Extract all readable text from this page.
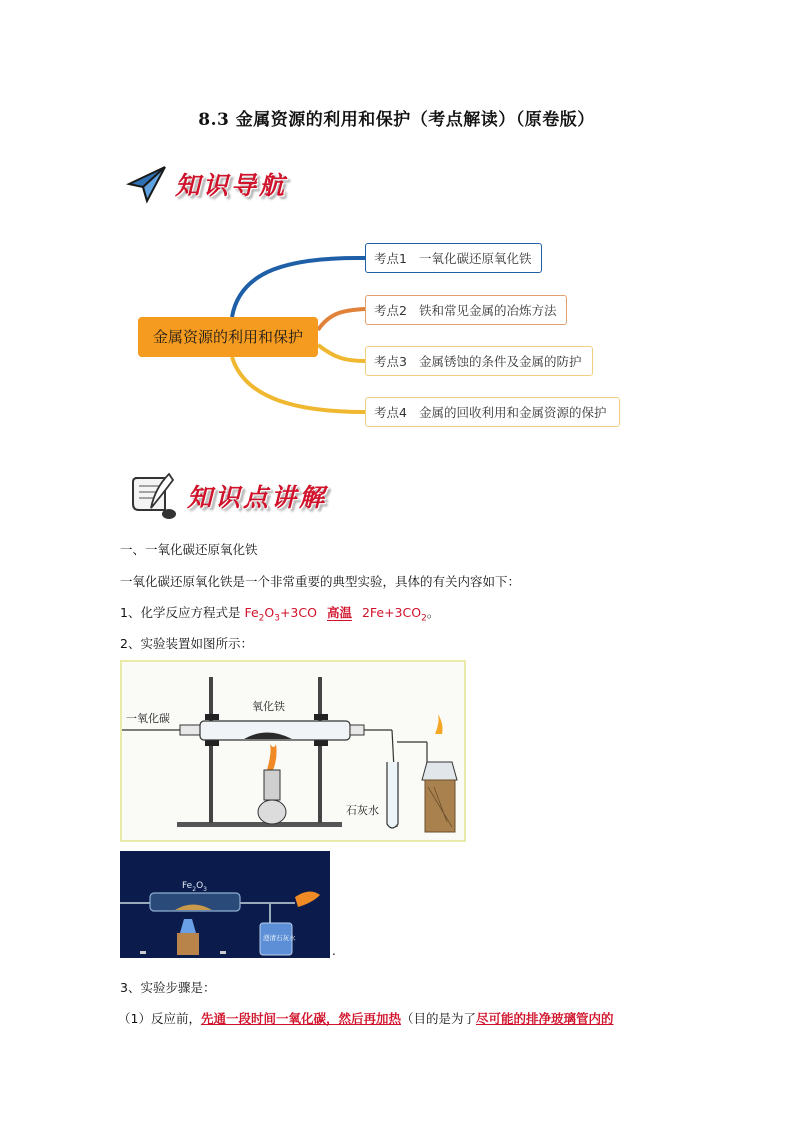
8.3 金属资源的利用和保护（考点解读）（原卷版）
知识导航
金属资源的利用和保护
考点1 一氧化碳还原氧化铁
考点2 铁和常见金属的冶炼方法
考点3 金属锈蚀的条件及金属的防护
考点4 金属的回收利用和金属资源的保护
知识点讲解
一、一氧化碳还原氧化铁
一氧化碳还原氧化铁是一个非常重要的典型实验，具体的有关内容如下：
1、化学反应方程式是 $Fe_2O_3+3CO$ 高温 $2Fe+3CO_2$。
2、实验装置如图所示：
一氧化碳
氧化铁
石灰水
$Fe_2O_3$
澄清石灰水
.
3、实验步骤是：
（1）反应前，先通一段时间一氧化碳，然后再加热（目的是为了尽可能的排净玻璃管内的
